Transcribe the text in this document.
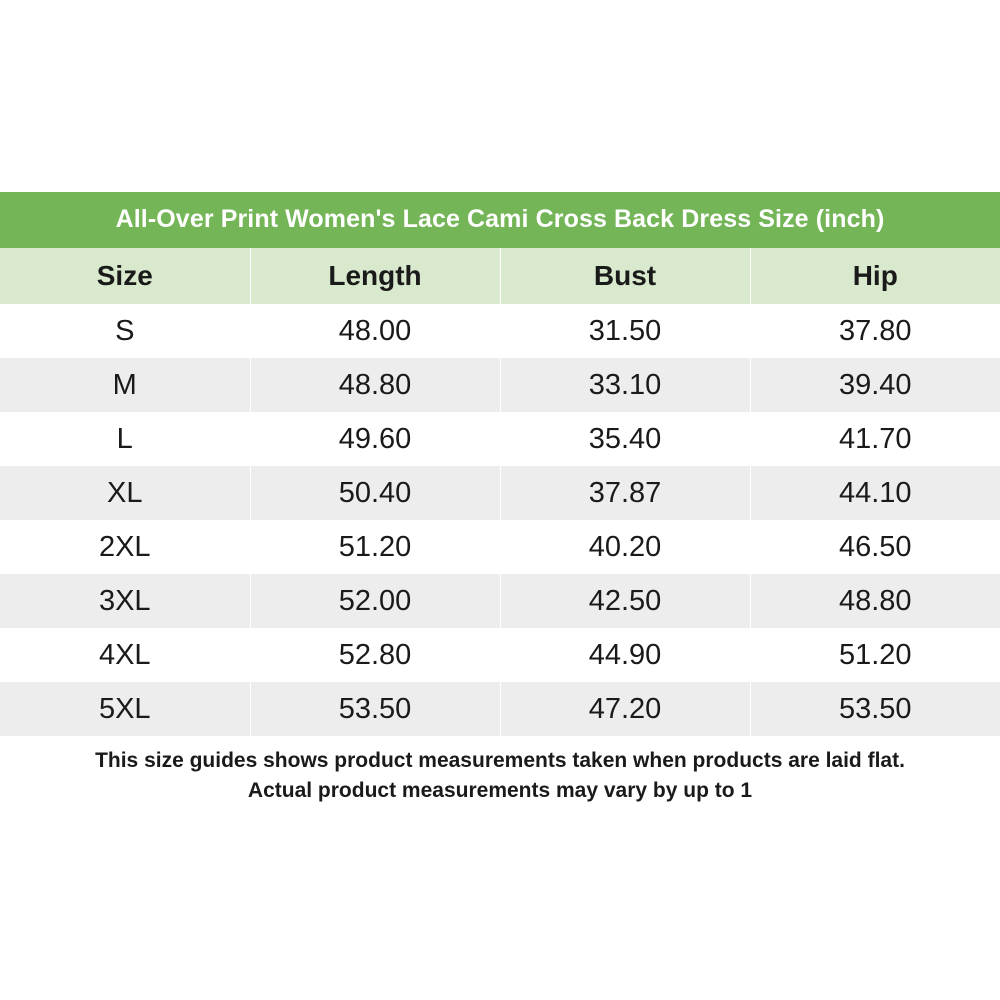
All-Over Print Women's Lace Cami Cross Back Dress Size (inch)
Size	Length	Bust	Hip
S	48.00	31.50	37.80
M	48.80	33.10	39.40
L	49.60	35.40	41.70
XL	50.40	37.87	44.10
2XL	51.20	40.20	46.50
3XL	52.00	42.50	48.80
4XL	52.80	44.90	51.20
5XL	53.50	47.20	53.50
This size guides shows product measurements taken when products are laid flat.
Actual product measurements may vary by up to 1
